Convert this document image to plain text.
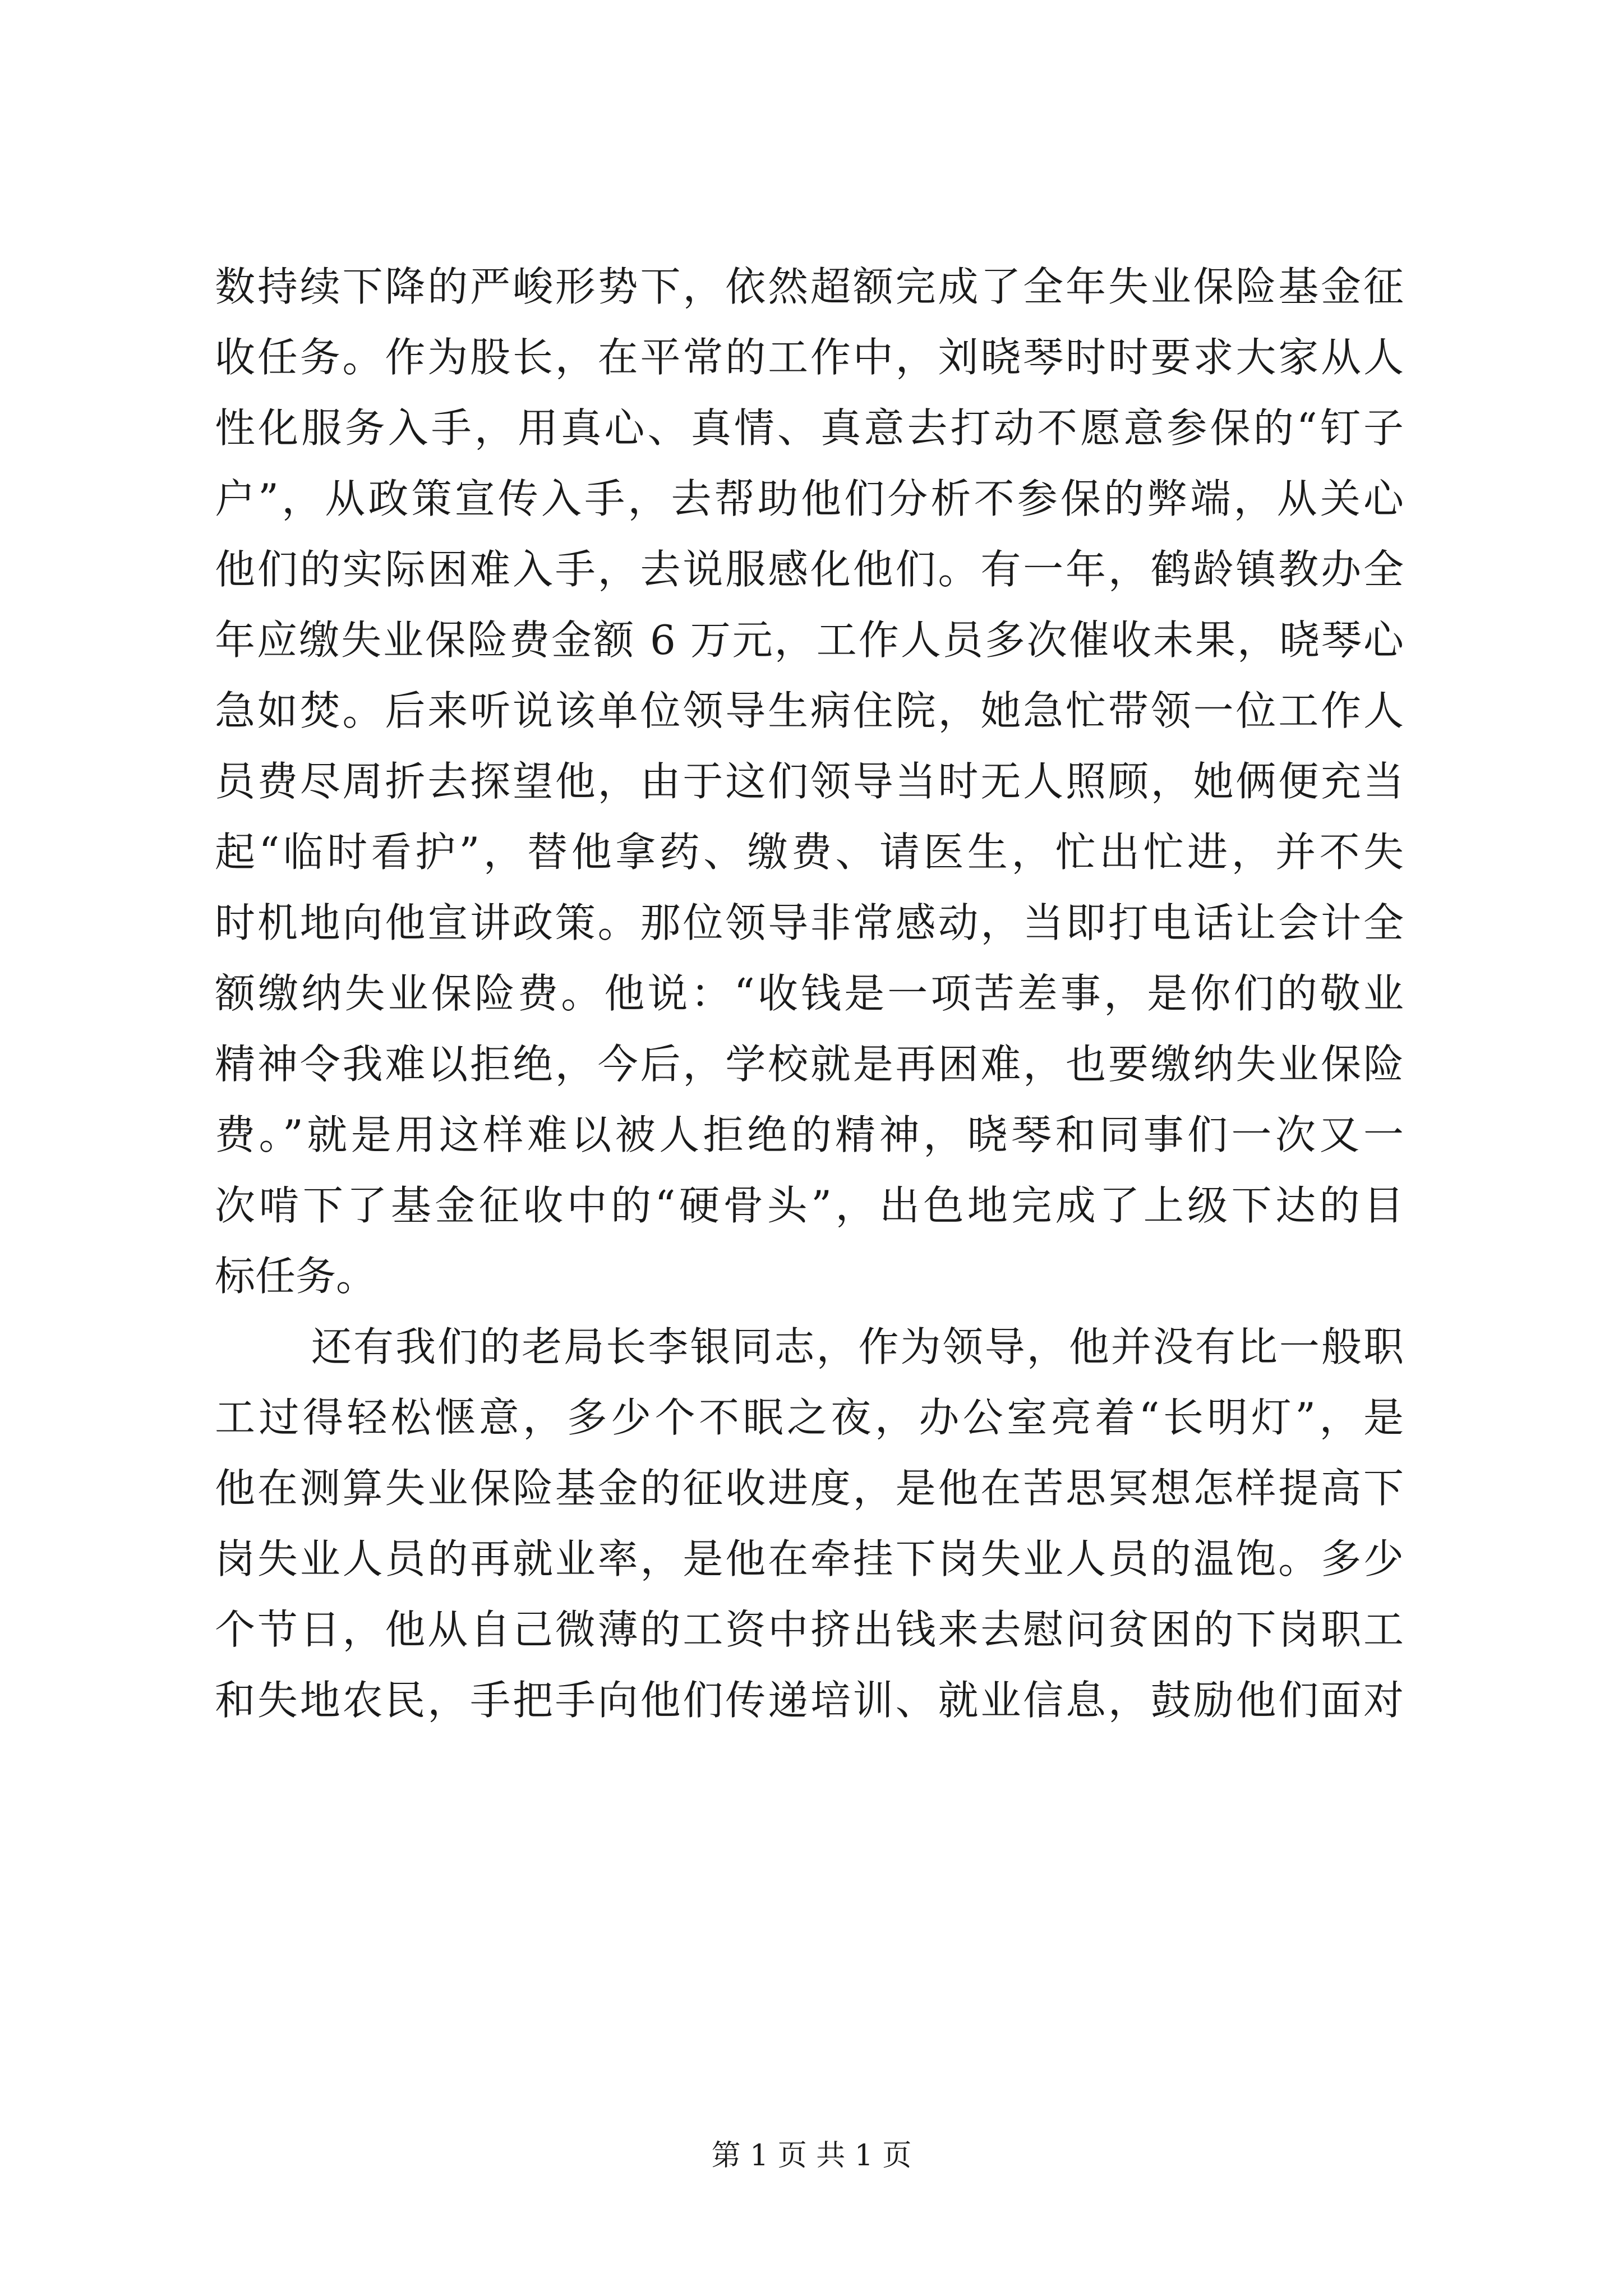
数持续下降的严峻形势下，依然超额完成了全年失业保险基金征
收任务。作为股长，在平常的工作中，刘晓琴时时要求大家从人
性化服务入手，用真心、真情、真意去打动不愿意参保的“钉子
户”，从政策宣传入手，去帮助他们分析不参保的弊端，从关心
他们的实际困难入手，去说服感化他们。有一年，鹤龄镇教办全
年应缴失业保险费金额 6 万元，工作人员多次催收未果，晓琴心
急如焚。后来听说该单位领导生病住院，她急忙带领一位工作人
员费尽周折去探望他，由于这们领导当时无人照顾，她俩便充当
起“临时看护”，替他拿药、缴费、请医生，忙出忙进，并不失
时机地向他宣讲政策。那位领导非常感动，当即打电话让会计全
额缴纳失业保险费。他说：“收钱是一项苦差事，是你们的敬业
精神令我难以拒绝，今后，学校就是再困难，也要缴纳失业保险
费。”就是用这样难以被人拒绝的精神，晓琴和同事们一次又一
次啃下了基金征收中的“硬骨头”，出色地完成了上级下达的目
标任务。
还有我们的老局长李银同志，作为领导，他并没有比一般职
工过得轻松惬意，多少个不眠之夜，办公室亮着“长明灯”，是
他在测算失业保险基金的征收进度，是他在苦思冥想怎样提高下
岗失业人员的再就业率，是他在牵挂下岗失业人员的温饱。多少
个节日，他从自己微薄的工资中挤出钱来去慰问贫困的下岗职工
和失地农民，手把手向他们传递培训、就业信息，鼓励他们面对
第 1 页 共 1 页
